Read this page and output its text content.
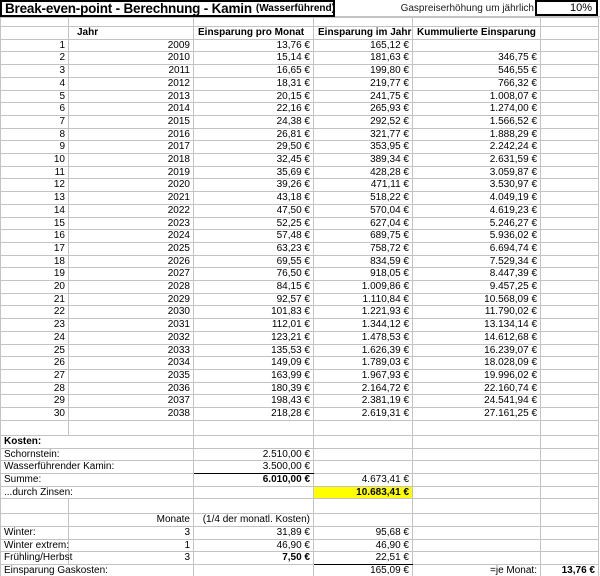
Break-even-point - Berechnung - Kamin (Wasserführend)	Gaspreiserhöhung um jährlich	10%

	Jahr	Einsparung pro Monat	Einsparung im Jahr	Kummulierte Einsparung	
1	2009	13,76 €	165,12 €		
2	2010	15,14 €	181,63 €	346,75 €	
3	2011	16,65 €	199,80 €	546,55 €	
4	2012	18,31 €	219,77 €	766,32 €	
5	2013	20,15 €	241,75 €	1.008,07 €	
6	2014	22,16 €	265,93 €	1.274,00 €	
7	2015	24,38 €	292,52 €	1.566,52 €	
8	2016	26,81 €	321,77 €	1.888,29 €	
9	2017	29,50 €	353,95 €	2.242,24 €	
10	2018	32,45 €	389,34 €	2.631,59 €	
11	2019	35,69 €	428,28 €	3.059,87 €	
12	2020	39,26 €	471,11 €	3.530,97 €	
13	2021	43,18 €	518,22 €	4.049,19 €	
14	2022	47,50 €	570,04 €	4.619,23 €	
15	2023	52,25 €	627,04 €	5.246,27 €	
16	2024	57,48 €	689,75 €	5.936,02 €	
17	2025	63,23 €	758,72 €	6.694,74 €	
18	2026	69,55 €	834,59 €	7.529,34 €	
19	2027	76,50 €	918,05 €	8.447,39 €	
20	2028	84,15 €	1.009,86 €	9.457,25 €	
21	2029	92,57 €	1.110,84 €	10.568,09 €	
22	2030	101,83 €	1.221,93 €	11.790,02 €	
23	2031	112,01 €	1.344,12 €	13.134,14 €	
24	2032	123,21 €	1.478,53 €	14.612,68 €	
25	2033	135,53 €	1.626,39 €	16.239,07 €	
26	2034	149,09 €	1.789,03 €	18.028,09 €	
27	2035	163,99 €	1.967,93 €	19.996,02 €	
28	2036	180,39 €	2.164,72 €	22.160,74 €	
29	2037	198,43 €	2.381,19 €	24.541,94 €	
30	2038	218,28 €	2.619,31 €	27.161,25 €	

Kosten:					
Schornstein:		2.510,00 €			
Wasserführender Kamin:		3.500,00 €			
Summe:		6.010,00 €	4.673,41 €		
...durch Zinsen:			10.683,41 €		

	Monate	(1/4 der monatl. Kosten)			
Winter:	3	31,89 €	95,68 €		
Winter extrem:	1	46,90 €	46,90 €		
Frühling/Herbst	3	7,50 €	22,51 €		
Einsparung Gaskosten:			165,09 €	=je Monat:	13,76 €
